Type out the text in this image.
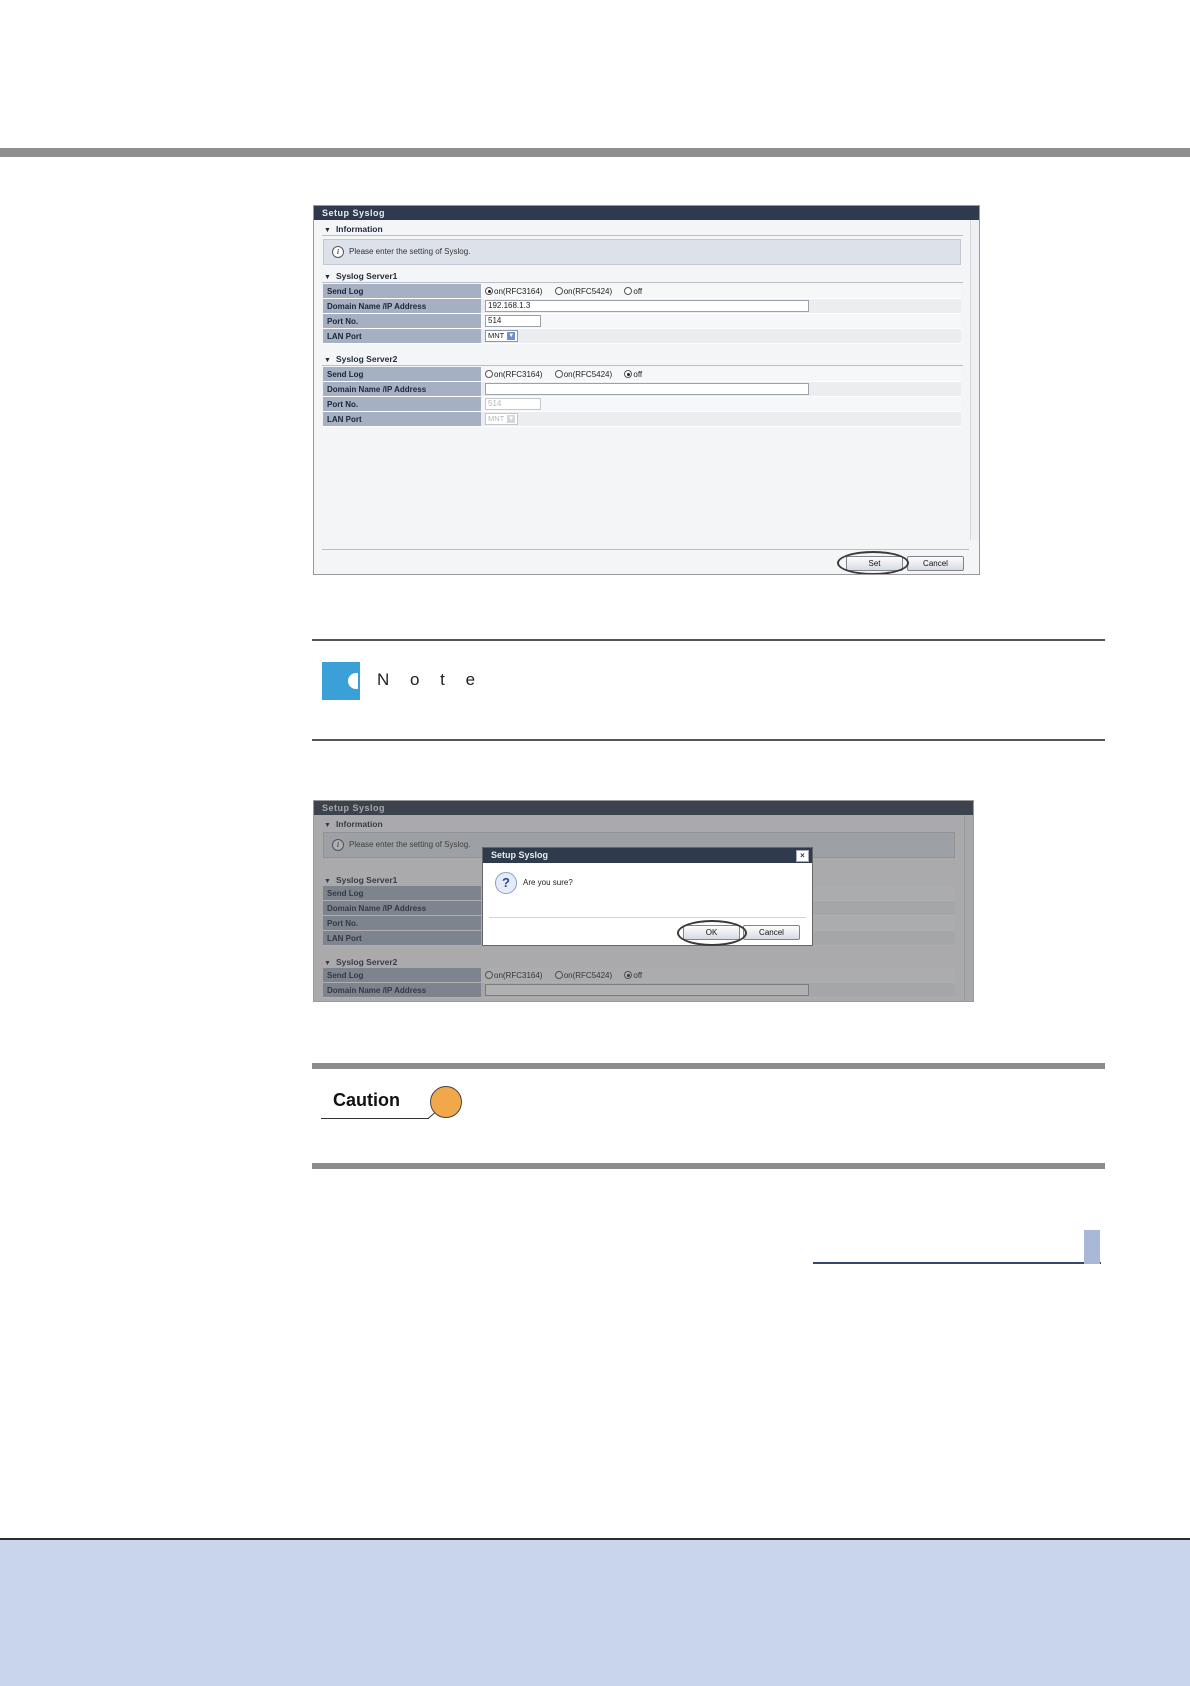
Setup Syslog
▼ Information
i Please enter the setting of Syslog.
▼ Syslog Server1
Send Log	on(RFC3164) on(RFC5424) off
Domain Name /IP Address	192.168.1.3
Port No.	514
LAN Port	MNT ▼
▼ Syslog Server2
Send Log	on(RFC3164) on(RFC5424) off
Domain Name /IP Address	
Port No.	514
LAN Port	MNT ▼
Set	Cancel
N o t e
Setup Syslog
▼ Information
i Please enter the setting of Syslog.
▼ Syslog Server1
Send Log	
Domain Name /IP Address	
Port No.	
LAN Port	
▼ Syslog Server2
Send Log	on(RFC3164) on(RFC5424) off
Domain Name /IP Address	
Setup Syslog	×
?	Are you sure?
OK	Cancel
Caution
